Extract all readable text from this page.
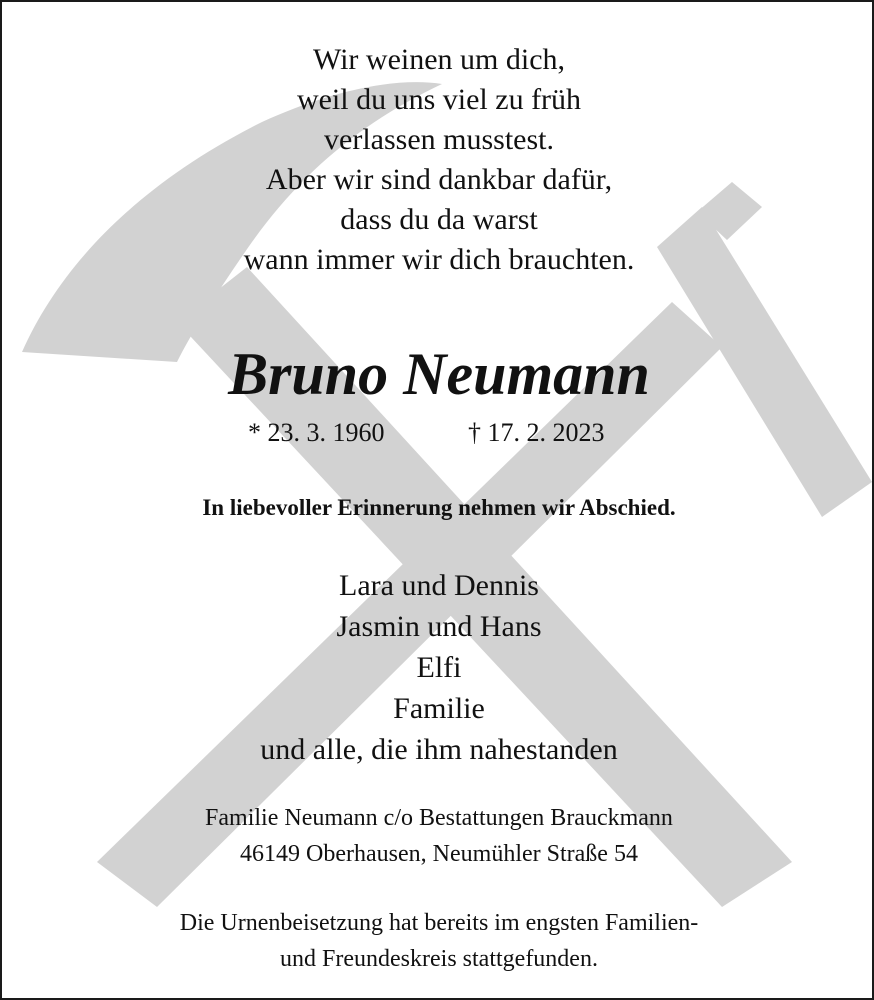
Wir weinen um dich,
weil du uns viel zu früh
verlassen musstest.
Aber wir sind dankbar dafür,
dass du da warst
wann immer wir dich brauchten.
Bruno Neumann
* 23. 3. 1960	† 17. 2. 2023
In liebevoller Erinnerung nehmen wir Abschied.
Lara und Dennis
Jasmin und Hans
Elfi
Familie
und alle, die ihm nahestanden
Familie Neumann c/o Bestattungen Brauckmann
46149 Oberhausen, Neumühler Straße 54
Die Urnenbeisetzung hat bereits im engsten Familien-
und Freundeskreis stattgefunden.
